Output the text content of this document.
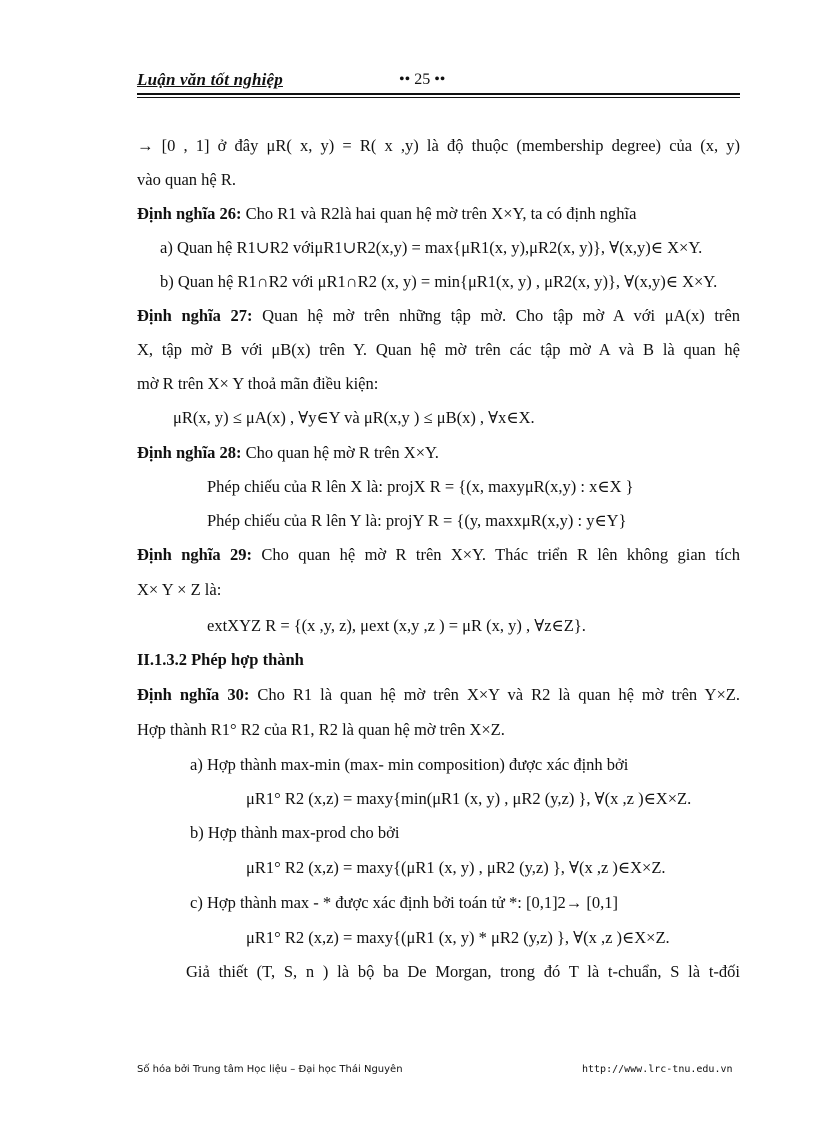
Luận văn tốt nghiệp	•• 25 ••
→ [0 , 1] ở đây μR( x, y) = R( x ,y) là độ thuộc (membership degree) của (x, y)
vào quan hệ R.
Định nghĩa 26: Cho R1 và R2là hai quan hệ mờ trên X×Y, ta có định nghĩa
a) Quan hệ R1∪R2 vớiμR1∪R2(x,y) = max{μR1(x, y),μR2(x, y)}, ∀(x,y)∈ X×Y.
b) Quan hệ R1∩R2 với μR1∩R2 (x, y) = min{μR1(x, y) , μR2(x, y)}, ∀(x,y)∈ X×Y.
Định nghĩa 27: Quan hệ mờ trên những tập mờ. Cho tập mờ A với μA(x) trên
X, tập mờ B với μB(x) trên Y. Quan hệ mờ trên các tập mờ A và B là quan hệ
mờ R trên X× Y thoả mãn điều kiện:
μR(x, y) ≤ μA(x) , ∀y∈Y và μR(x,y ) ≤ μB(x) , ∀x∈X.
Định nghĩa 28: Cho quan hệ mờ R trên X×Y.
Phép chiếu của R lên X là: projX R = {(x, maxyμR(x,y) : x∈X }
Phép chiếu của R lên Y là: projY R = {(y, maxxμR(x,y) : y∈Y}
Định nghĩa 29: Cho quan hệ mờ R trên X×Y. Thác triển R lên không gian tích
X× Y × Z là:
extXYZ R = {(x ,y, z), μext (x,y ,z ) = μR (x, y) , ∀z∈Z}.
II.1.3.2 Phép hợp thành
Định nghĩa 30: Cho R1 là quan hệ mờ trên X×Y và R2 là quan hệ mờ trên Y×Z.
Hợp thành R1° R2 của R1, R2 là quan hệ mờ trên X×Z.
a) Hợp thành max-min (max- min composition) được xác định bởi
μR1° R2 (x,z) = maxy{min(μR1 (x, y) , μR2 (y,z) }, ∀(x ,z )∈X×Z.
b) Hợp thành max-prod cho bởi
μR1° R2 (x,z) = maxy{(μR1 (x, y) , μR2 (y,z) }, ∀(x ,z )∈X×Z.
c) Hợp thành max - * được xác định bởi toán tử *: [0,1]2→ [0,1]
μR1° R2 (x,z) = maxy{(μR1 (x, y) * μR2 (y,z) }, ∀(x ,z )∈X×Z.
Giả thiết (T, S, n ) là bộ ba De Morgan, trong đó T là t-chuẩn, S là t-đối
Số hóa bởi Trung tâm Học liệu – Đại học Thái Nguyên	http://www.lrc-tnu.edu.vn
